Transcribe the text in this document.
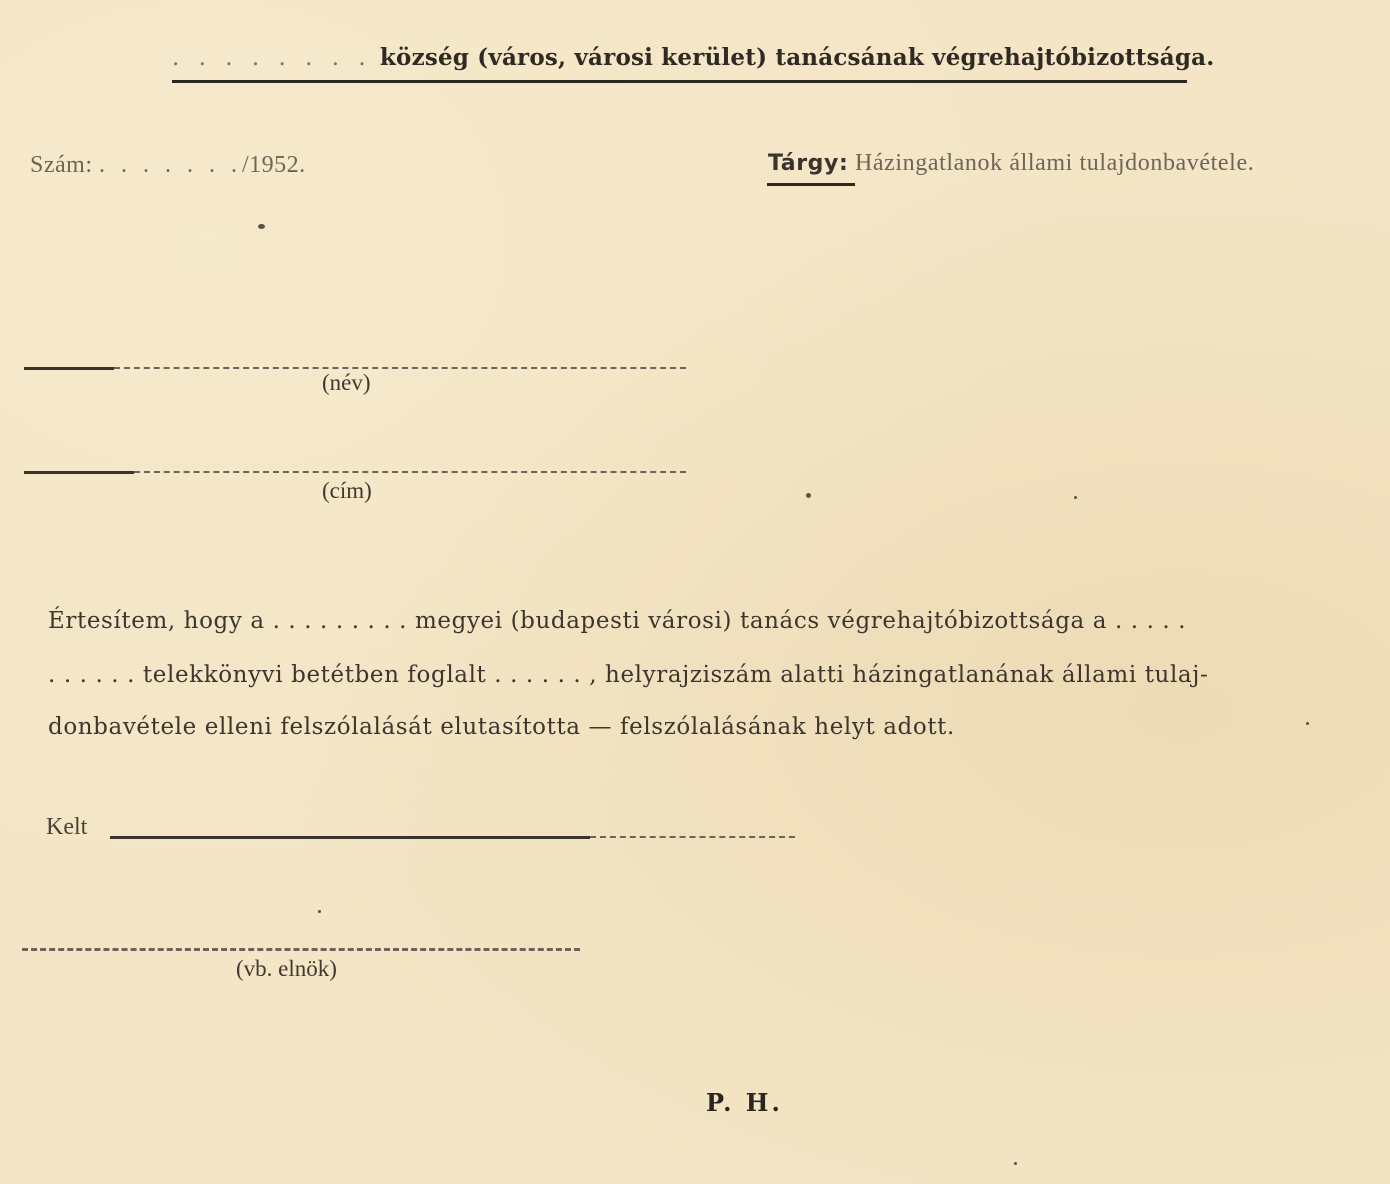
. . . . . . . . község (város, városi kerület) tanácsának végrehajtóbizottsága.
Szám: . . . . . . ./1952.	Tárgy: Házingatlanok állami tulajdonbavétele.
(név)
(cím)
Értesítem, hogy a . . . . . . . . . megyei (budapesti városi) tanács végrehajtóbizottsága a . . . . .
. . . . . . telekkönyvi betétben foglalt . . . . . . , helyrajziszám alatti házingatlanának állami tulaj-
donbavétele elleni felszólalását elutasította — felszólalásának helyt adott.
Kelt
(vb. elnök)
P. H.
